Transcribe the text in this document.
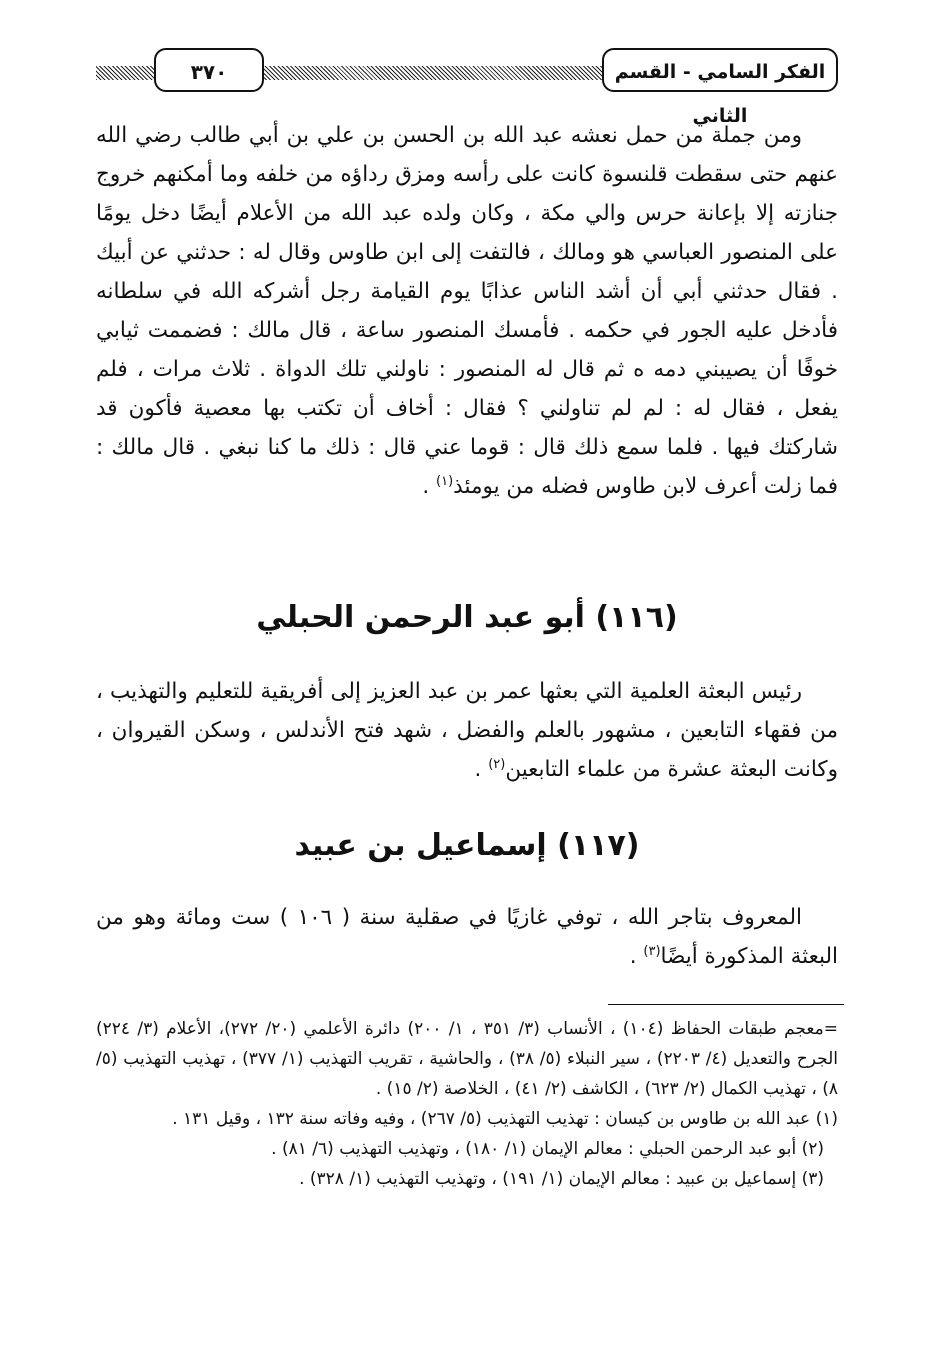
الفكر السامي - القسم الثاني
٣٧٠

ومن جملة من حمل نعشه عبد الله بن الحسن بن علي بن أبي طالب رضي الله عنهم حتى سقطت قلنسوة كانت على رأسه ومزق رداؤه من خلفه وما أمكنهم خروج جنازته إلا بإعانة حرس والي مكة ، وكان ولده عبد الله من الأعلام أيضًا دخل يومًا على المنصور العباسي هو ومالك ، فالتفت إلى ابن طاوس وقال له : حدثني عن أبيك . فقال حدثني أبي أن أشد الناس عذابًا يوم القيامة رجل أشركه الله في سلطانه فأدخل عليه الجور في حكمه . فأمسك المنصور ساعة ، قال مالك : فضممت ثيابي خوفًا أن يصيبني دمه ه ثم قال له المنصور : ناولني تلك الدواة . ثلاث مرات ، فلم يفعل ، فقال له : لم لم تناولني ؟ فقال : أخاف أن تكتب بها معصية فأكون قد شاركتك فيها . فلما سمع ذلك قال : قوما عني قال : ذلك ما كنا نبغي . قال مالك : فما زلت أعرف لابن طاوس فضله من يومئذ$^{(١)}$ .

(١١٦) أبو عبد الرحمن الحبلي

رئيس البعثة العلمية التي بعثها عمر بن عبد العزيز إلى أفريقية للتعليم والتهذيب ، من فقهاء التابعين ، مشهور بالعلم والفضل ، شهد فتح الأندلس ، وسكن القيروان ، وكانت البعثة عشرة من علماء التابعين$^{(٢)}$ .

(١١٧) إسماعيل بن عبيد

المعروف بتاجر الله ، توفي غازيًا في صقلية سنة ( ١٠٦ ) ست ومائة وهو من البعثة المذكورة أيضًا$^{(٣)}$ .

=معجم طبقات الحفاظ (١٠٤) ، الأنساب (٣/ ٣٥١ ، ١/ ٢٠٠) دائرة الأعلمي (٢٠/ ٢٧٢)، الأعلام (٣/ ٢٢٤) الجرح والتعديل (٤/ ٢٢٠٣) ، سير النبلاء (٥/ ٣٨) ، والحاشية ، تقريب التهذيب (١/ ٣٧٧) ، تهذيب التهذيب (٥/ ٨) ، تهذيب الكمال (٢/ ٦٢٣) ، الكاشف (٢/ ٤١) ، الخلاصة (٢/ ١٥) .

(١) عبد الله بن طاوس بن كيسان : تهذيب التهذيب (٥/ ٢٦٧) ، وفيه وفاته سنة ١٣٢ ، وقيل ١٣١ .

(٢) أبو عبد الرحمن الحبلي : معالم الإيمان (١/ ١٨٠) ، وتهذيب التهذيب (٦/ ٨١) .

(٣) إسماعيل بن عبيد : معالم الإيمان (١/ ١٩١) ، وتهذيب التهذيب (١/ ٣٢٨) .
